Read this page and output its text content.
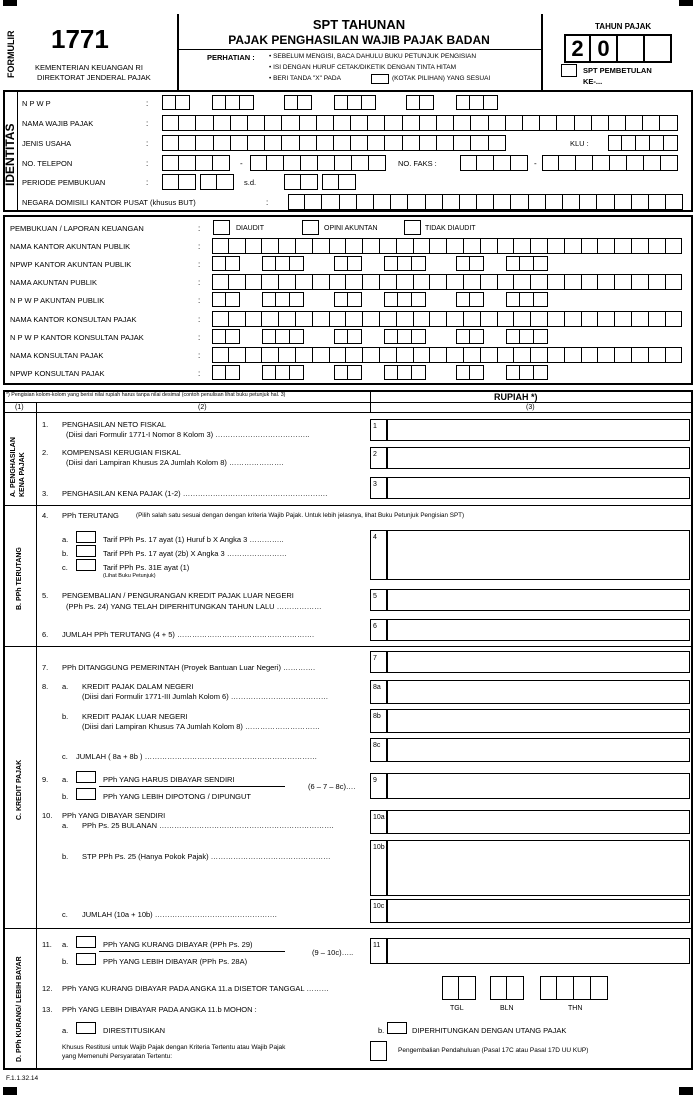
FORMULIR 1771
KEMENTERIAN KEUANGAN RI
DIREKTORAT JENDERAL PAJAK
SPT TAHUNAN
PAJAK PENGHASILAN WAJIB PAJAK BADAN
PERHATIAN : • SEBELUM MENGISI, BACA DAHULU BUKU PETUNJUK PENGISIAN
• ISI DENGAN HURUF CETAK/DIKETIK DENGAN TINTA HITAM
• BERI TANDA "X" PADA	(KOTAK PILIHAN) YANG SESUAI
TAHUN PAJAK
2 0
SPT PEMBETULAN
KE-...
IDENTITAS
*) Pengisian kolom-kolom yang berisi nilai rupiah harus tanpa nilai desimal (contoh penulisan lihat buku petunjuk hal. 3)	RUPIAH *)
(1)	(2)	(3)
A. PENGHASILAN KENA PAJAK
B. PPh TERUTANG
C. KREDIT PAJAK
D. PPh KURANG/ LEBIH BAYAR
F.1.1.32.14
N P W P	:
NAMA WAJIB PAJAK	:
JENIS USAHA	:
NO. TELEPON	:
PERIODE PEMBUKUAN	:
NEGARA DOMISILI KANTOR PUSAT (khusus BUT)	:
KLU :
-	NO. FAKS :	-
s.d.
PEMBUKUAN / LAPORAN KEUANGAN	:	DIAUDIT	OPINI AKUNTAN	TIDAK DIAUDIT
NAMA KANTOR AKUNTAN PUBLIK	:
NPWP KANTOR AKUNTAN PUBLIK	:
NAMA AKUNTAN PUBLIK	:
N P W P AKUNTAN PUBLIK	:
NAMA KANTOR KONSULTAN PAJAK	:
N P W P KANTOR KONSULTAN PAJAK	:
NAMA KONSULTAN PAJAK	:
NPWP KONSULTAN PAJAK	:
1. PENGHASILAN NETO FISKAL
(Diisi dari Formulir 1771-I Nomor 8 Kolom 3) ………………………………..
1
2. KOMPENSASI KERUGIAN FISKAL
(Diisi dari Lampiran Khusus 2A Jumlah Kolom 8) ………………….
2
3. PENGHASILAN KENA PAJAK (1-2) ………………………………………………….
3
4. PPh TERUTANG	(Pilih salah satu sesuai dengan dengan kriteria Wajib Pajak. Untuk lebih jelasnya, lihat Buku Petunjuk Pengisian SPT)
a.	Tarif PPh Ps. 17 ayat (1) Huruf b X Angka 3 …………..
b.	Tarif PPh Ps. 17 ayat (2b) X Angka 3 ……………………
c.	Tarif PPh Ps. 31E ayat (1)
(Lihat Buku Petunjuk)
4
5. PENGEMBALIAN / PENGURANGAN KREDIT PAJAK LUAR NEGERI
(PPh Ps. 24) YANG TELAH DIPERHITUNGKAN TAHUN LALU ………………
5
6. JUMLAH PPh TERUTANG (4 + 5) ……………………………………………….
6
7. PPh DITANGGUNG PEMERINTAH (Proyek Bantuan Luar Negeri) ………….
7
8. a. KREDIT PAJAK DALAM NEGERI
(Diisi dari Formulir 1771-III Jumlah Kolom 6) …………………………………
8a
b. KREDIT PAJAK LUAR NEGERI
(Diisi dari Lampiran Khusus 7A Jumlah Kolom 8) …………………………
8b
c. JUMLAH ( 8a + 8b ) ……………………………………………………………
8c
9. a.	PPh YANG HARUS DIBAYAR SENDIRI
b.	PPh YANG LEBIH DIPOTONG / DIPUNGUT
(6 – 7 – 8c)….
9
10. PPh YANG DIBAYAR SENDIRI
a. PPh Ps. 25 BULANAN …………………………………………………………….
10a
b. STP PPh Ps. 25 (Hanya Pokok Pajak) …………………………………………
10b
c. JUMLAH (10a + 10b) ………………………………………….
10c
11. a.	PPh YANG KURANG DIBAYAR (PPh Ps. 29)
b.	PPh YANG LEBIH DIBAYAR (PPh Ps. 28A)
(9 – 10c)…..
11
12. PPh YANG KURANG DIBAYAR PADA ANGKA 11.a DISETOR TANGGAL ………
TGL	BLN	THN
13. PPh YANG LEBIH DIBAYAR PADA ANGKA 11.b MOHON :
a.	DIRESTITUSIKAN	b.	DIPERHITUNGKAN DENGAN UTANG PAJAK
Khusus Restitusi untuk Wajib Pajak dengan Kriteria Tertentu atau Wajib Pajak
yang Memenuhi Persyaratan Tertentu:
Pengembalian Pendahuluan (Pasal 17C atau Pasal 17D UU KUP)
